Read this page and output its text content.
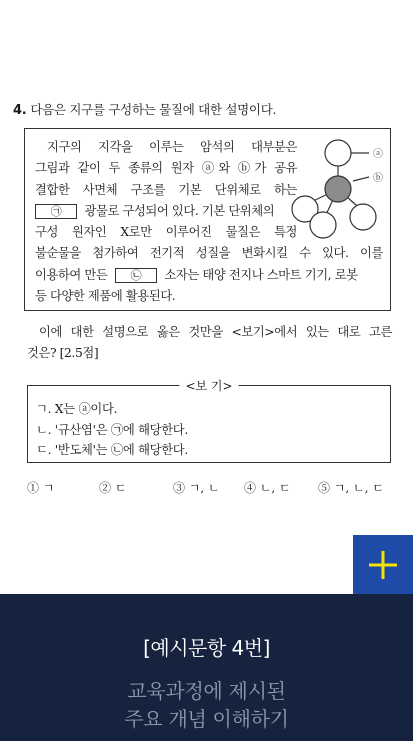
4. 다음은 지구를 구성하는 물질에 대한 설명이다.
지구의 지각을 이루는 암석의 대부분은
그림과 같이 두 종류의 원자 ⓐ와 ⓑ가 공유
결합한 사면체 구조를 기본 단위체로 하는
㉠ 광물로 구성되어 있다. 기본 단위체의
구성 원자인 X로만 이루어진 물질은 특정
불순물을 첨가하여 전기적 성질을 변화시킬 수 있다. 이를
이용하여 만든 ㉡ 소자는 태양 전지나 스마트 기기, 로봇
등 다양한 제품에 활용된다.
ⓐ
ⓑ
이에 대한 설명으로 옳은 것만을 <보기>에서 있는 대로 고른
것은? [2.5점]
<보 기>
ㄱ. X는 ⓐ이다.
ㄴ. '규산염'은 ㉠에 해당한다.
ㄷ. '반도체'는 ㉡에 해당한다.
① ㄱ	② ㄷ	③ ㄱ, ㄴ ④ ㄴ, ㄷ ⑤ ㄱ, ㄴ, ㄷ
[예시문항 4번]
교육과정에 제시된
주요 개념 이해하기
